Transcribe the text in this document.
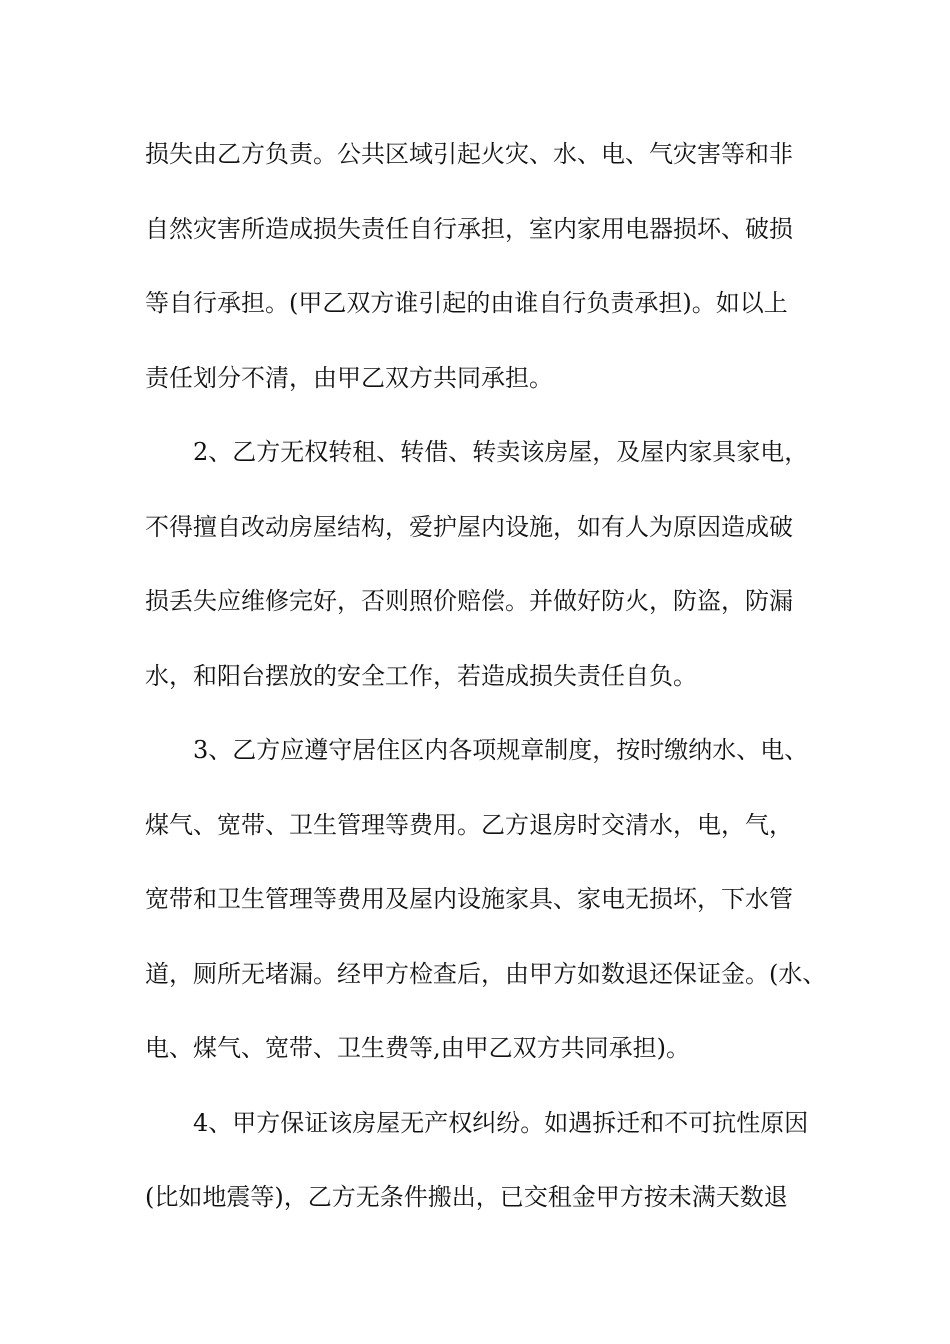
损失由乙方负责。公共区域引起火灾、水、电、气灾害等和非
自然灾害所造成损失责任自行承担，室内家用电器损坏、破损
等自行承担。(甲乙双方谁引起的由谁自行负责承担)。如以上
责任划分不清，由甲乙双方共同承担。
2、乙方无权转租、转借、转卖该房屋，及屋内家具家电，
不得擅自改动房屋结构，爱护屋内设施，如有人为原因造成破
损丢失应维修完好，否则照价赔偿。并做好防火，防盗，防漏
水，和阳台摆放的安全工作，若造成损失责任自负。
3、乙方应遵守居住区内各项规章制度，按时缴纳水、电、
煤气、宽带、卫生管理等费用。乙方退房时交清水，电，气，
宽带和卫生管理等费用及屋内设施家具、家电无损坏，下水管
道，厕所无堵漏。经甲方检查后，由甲方如数退还保证金。(水、
电、煤气、宽带、卫生费等,由甲乙双方共同承担)。
4、甲方保证该房屋无产权纠纷。如遇拆迁和不可抗性原因
(比如地震等)，乙方无条件搬出，已交租金甲方按未满天数退
